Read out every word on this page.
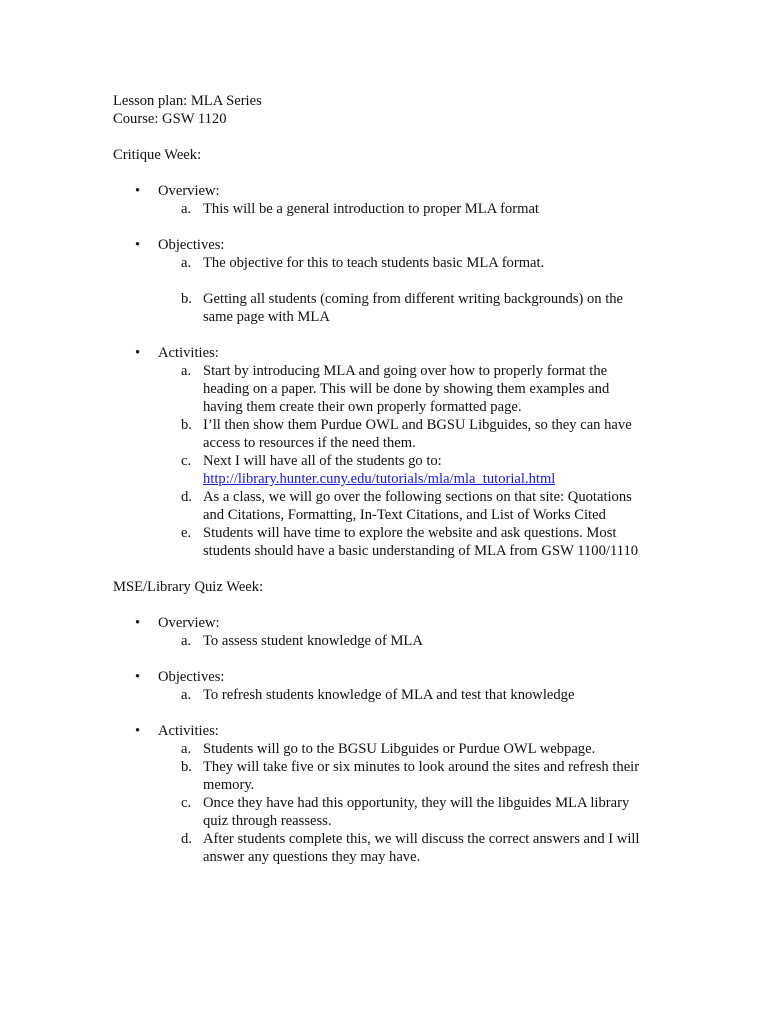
Lesson plan: MLA Series
Course: GSW 1120
Critique Week:
• Overview:
a. This will be a general introduction to proper MLA format
• Objectives:
a. The objective for this to teach students basic MLA format.
b. Getting all students (coming from different writing backgrounds) on the
same page with MLA
• Activities:
a. Start by introducing MLA and going over how to properly format the
heading on a paper. This will be done by showing them examples and
having them create their own properly formatted page.
b. I’ll then show them Purdue OWL and BGSU Libguides, so they can have
access to resources if the need them.
c. Next I will have all of the students go to:
http://library.hunter.cuny.edu/tutorials/mla/mla_tutorial.html
d. As a class, we will go over the following sections on that site: Quotations
and Citations, Formatting, In-Text Citations, and List of Works Cited
e. Students will have time to explore the website and ask questions. Most
students should have a basic understanding of MLA from GSW 1100/1110
MSE/Library Quiz Week:
• Overview:
a. To assess student knowledge of MLA
• Objectives:
a. To refresh students knowledge of MLA and test that knowledge
• Activities:
a. Students will go to the BGSU Libguides or Purdue OWL webpage.
b. They will take five or six minutes to look around the sites and refresh their
memory.
c. Once they have had this opportunity, they will the libguides MLA library
quiz through reassess.
d. After students complete this, we will discuss the correct answers and I will
answer any questions they may have.
